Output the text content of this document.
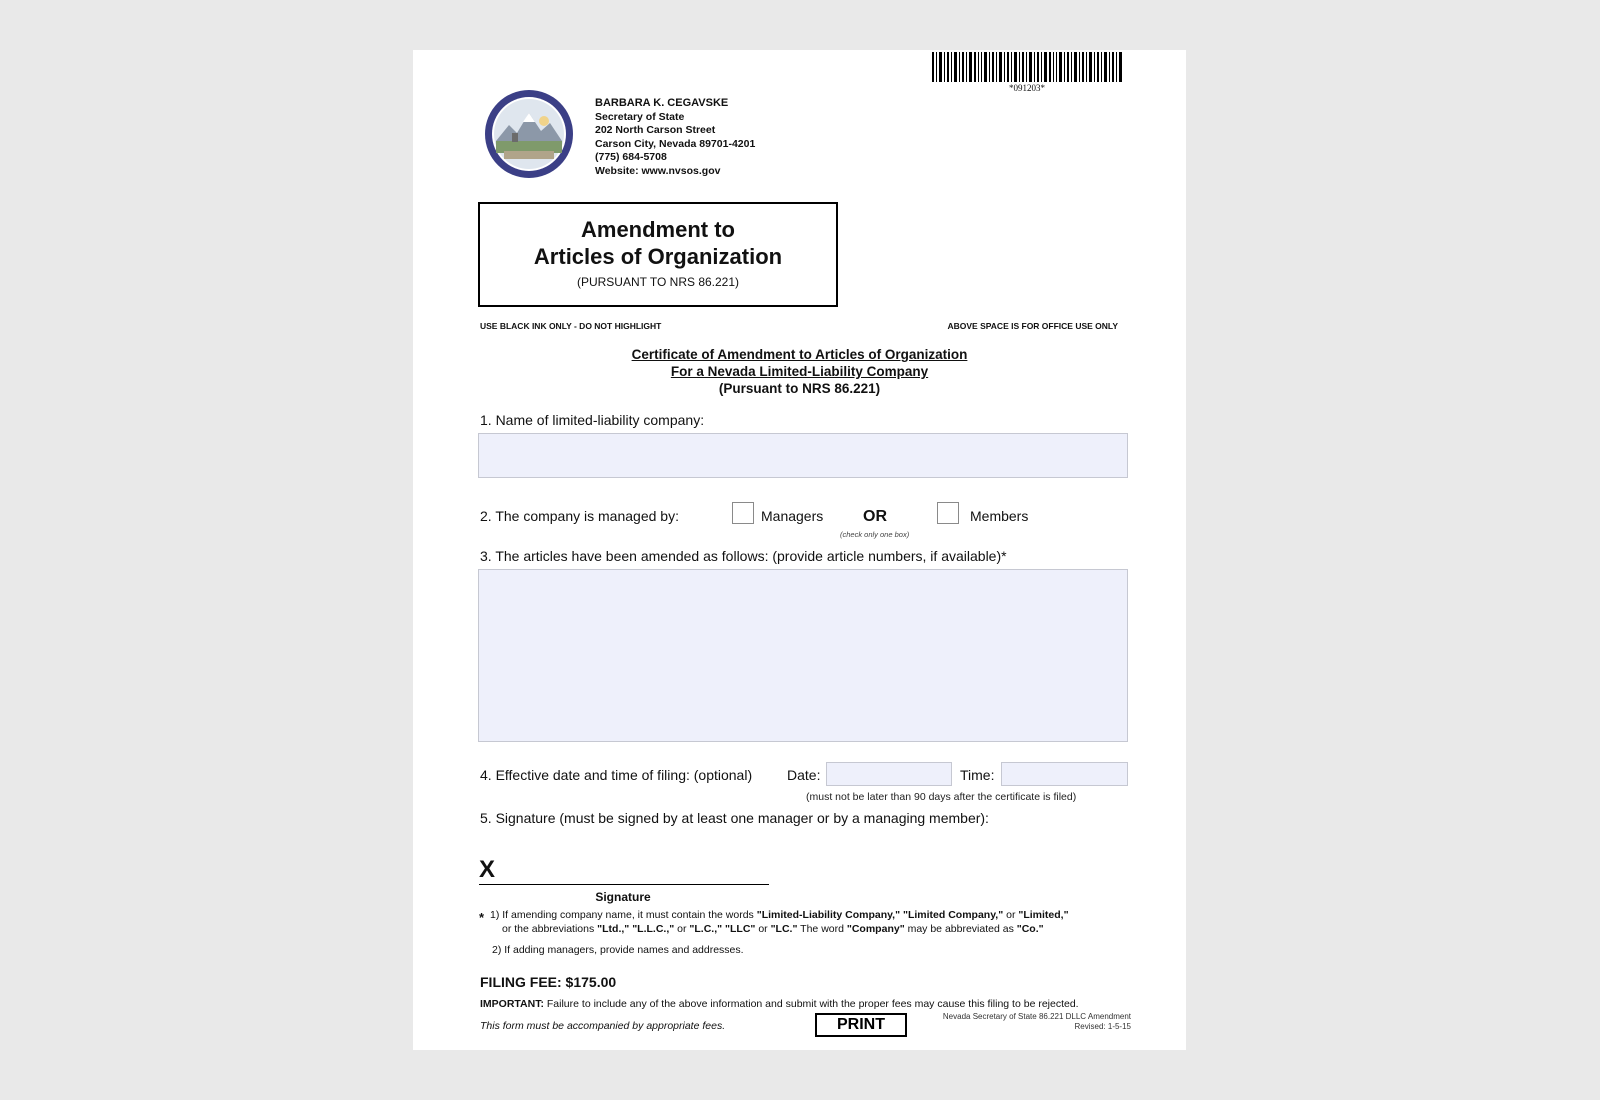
*091203*
BARBARA K. CEGAVSKE
Secretary of State
202 North Carson Street
Carson City, Nevada 89701-4201
(775) 684-5708
Website: www.nvsos.gov
Amendment to
Articles of Organization
(PURSUANT TO NRS 86.221)
USE BLACK INK ONLY - DO NOT HIGHLIGHT	ABOVE SPACE IS FOR OFFICE USE ONLY
Certificate of Amendment to Articles of Organization
For a Nevada Limited-Liability Company
(Pursuant to NRS 86.221)
1. Name of limited-liability company:
2. The company is managed by:	Managers OR
(check only one box)
Members
3. The articles have been amended as follows: (provide article numbers, if available)*
4. Effective date and time of filing: (optional) Date:	Time:
(must not be later than 90 days after the certificate is filed)
5. Signature (must be signed by at least one manager or by a managing member):
X
Signature
* 1) If amending company name, it must contain the words "Limited-Liability Company," "Limited Company," or "Limited,"
or the abbreviations "Ltd.," "L.L.C.," or "L.C.," "LLC" or "LC." The word "Company" may be abbreviated as "Co."
2) If adding managers, provide names and addresses.
FILING FEE: $175.00
IMPORTANT: Failure to include any of the above information and submit with the proper fees may cause this filing to be rejected.
This form must be accompanied by appropriate fees.	PRINT	Nevada Secretary of State 86.221 DLLC Amendment
Revised: 1-5-15
